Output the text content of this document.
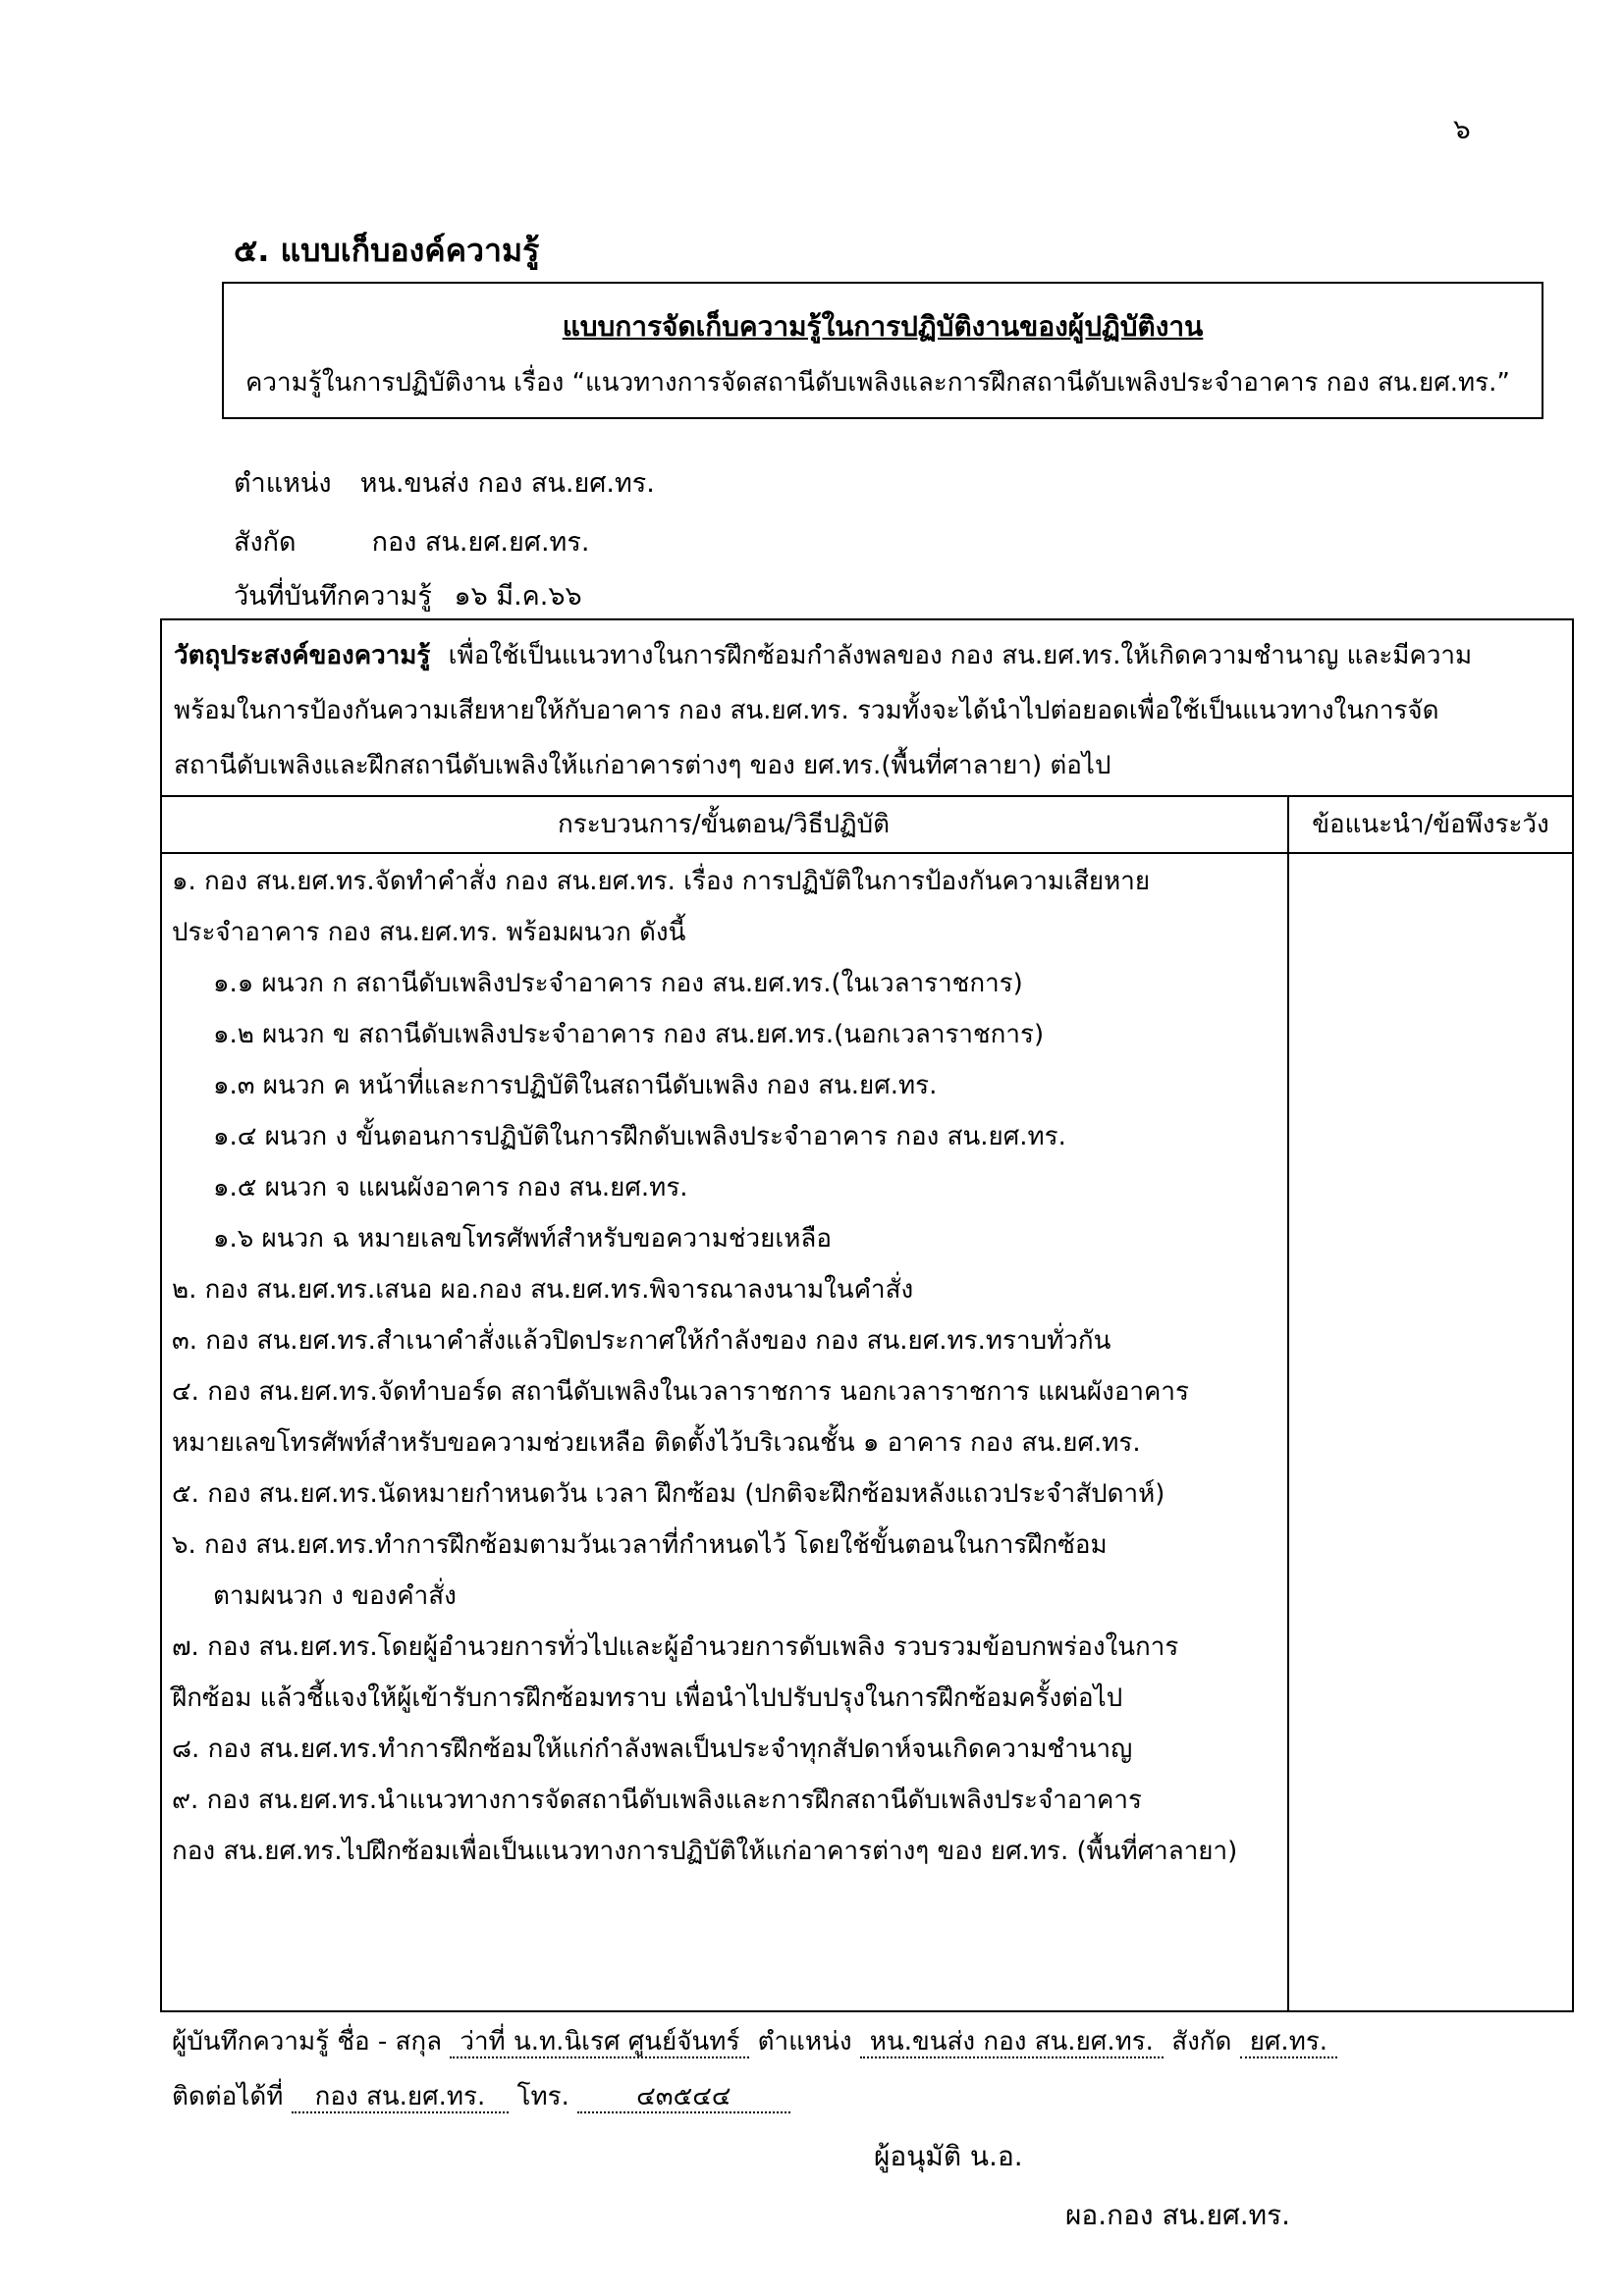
๖
๕. แบบเก็บองค์ความรู้
แบบการจัดเก็บความรู้ในการปฏิบัติงานของผู้ปฏิบัติงาน
ความรู้ในการปฏิบัติงาน เรื่อง “แนวทางการจัดสถานีดับเพลิงและการฝึกสถานีดับเพลิงประจำอาคาร กอง สน.ยศ.ทร.”
ตำแหน่ง หน.ขนส่ง กอง สน.ยศ.ทร.
สังกัด	กอง สน.ยศ.ยศ.ทร.
วันที่บันทึกความรู้ ๑๖ มี.ค.๖๖
วัตถุประสงค์ของความรู้ เพื่อใช้เป็นแนวทางในการฝึกซ้อมกำลังพลของ กอง สน.ยศ.ทร.ให้เกิดความชำนาญ และมีความ
พร้อมในการป้องกันความเสียหายให้กับอาคาร กอง สน.ยศ.ทร. รวมทั้งจะได้นำไปต่อยอดเพื่อใช้เป็นแนวทางในการจัด
สถานีดับเพลิงและฝึกสถานีดับเพลิงให้แก่อาคารต่างๆ ของ ยศ.ทร.(พื้นที่ศาลายา) ต่อไป
กระบวนการ/ขั้นตอน/วิธีปฏิบัติ	ข้อแนะนำ/ข้อพึงระวัง
๑. กอง สน.ยศ.ทร.จัดทำคำสั่ง กอง สน.ยศ.ทร. เรื่อง การปฏิบัติในการป้องกันความเสียหาย
ประจำอาคาร กอง สน.ยศ.ทร. พร้อมผนวก ดังนี้
๑.๑ ผนวก ก สถานีดับเพลิงประจำอาคาร กอง สน.ยศ.ทร.(ในเวลาราชการ)
๑.๒ ผนวก ข สถานีดับเพลิงประจำอาคาร กอง สน.ยศ.ทร.(นอกเวลาราชการ)
๑.๓ ผนวก ค หน้าที่และการปฏิบัติในสถานีดับเพลิง กอง สน.ยศ.ทร.
๑.๔ ผนวก ง ขั้นตอนการปฏิบัติในการฝึกดับเพลิงประจำอาคาร กอง สน.ยศ.ทร.
๑.๕ ผนวก จ แผนผังอาคาร กอง สน.ยศ.ทร.
๑.๖ ผนวก ฉ หมายเลขโทรศัพท์สำหรับขอความช่วยเหลือ
๒. กอง สน.ยศ.ทร.เสนอ ผอ.กอง สน.ยศ.ทร.พิจารณาลงนามในคำสั่ง
๓. กอง สน.ยศ.ทร.สำเนาคำสั่งแล้วปิดประกาศให้กำลังของ กอง สน.ยศ.ทร.ทราบทั่วกัน
๔. กอง สน.ยศ.ทร.จัดทำบอร์ด สถานีดับเพลิงในเวลาราชการ นอกเวลาราชการ แผนผังอาคาร
หมายเลขโทรศัพท์สำหรับขอความช่วยเหลือ ติดตั้งไว้บริเวณชั้น ๑ อาคาร กอง สน.ยศ.ทร.
๕. กอง สน.ยศ.ทร.นัดหมายกำหนดวัน เวลา ฝึกซ้อม (ปกติจะฝึกซ้อมหลังแถวประจำสัปดาห์)
๖. กอง สน.ยศ.ทร.ทำการฝึกซ้อมตามวันเวลาที่กำหนดไว้ โดยใช้ขั้นตอนในการฝึกซ้อม
ตามผนวก ง ของคำสั่ง
๗. กอง สน.ยศ.ทร.โดยผู้อำนวยการทั่วไปและผู้อำนวยการดับเพลิง รวบรวมข้อบกพร่องในการ
ฝึกซ้อม แล้วชี้แจงให้ผู้เข้ารับการฝึกซ้อมทราบ เพื่อนำไปปรับปรุงในการฝึกซ้อมครั้งต่อไป
๘. กอง สน.ยศ.ทร.ทำการฝึกซ้อมให้แก่กำลังพลเป็นประจำทุกสัปดาห์จนเกิดความชำนาญ
๙. กอง สน.ยศ.ทร.นำแนวทางการจัดสถานีดับเพลิงและการฝึกสถานีดับเพลิงประจำอาคาร
กอง สน.ยศ.ทร.ไปฝึกซ้อมเพื่อเป็นแนวทางการปฏิบัติให้แก่อาคารต่างๆ ของ ยศ.ทร. (พื้นที่ศาลายา)
ผู้บันทึกความรู้ ชื่อ - สกุล ว่าที่ น.ท.นิเรศ ศูนย์จันทร์ ตำแหน่ง หน.ขนส่ง กอง สน.ยศ.ทร. สังกัด ยศ.ทร.
ติดต่อได้ที่ กอง สน.ยศ.ทร. โทร.	๔๓๕๔๔
ผู้อนุมัติ น.อ.
ผอ.กอง สน.ยศ.ทร.
